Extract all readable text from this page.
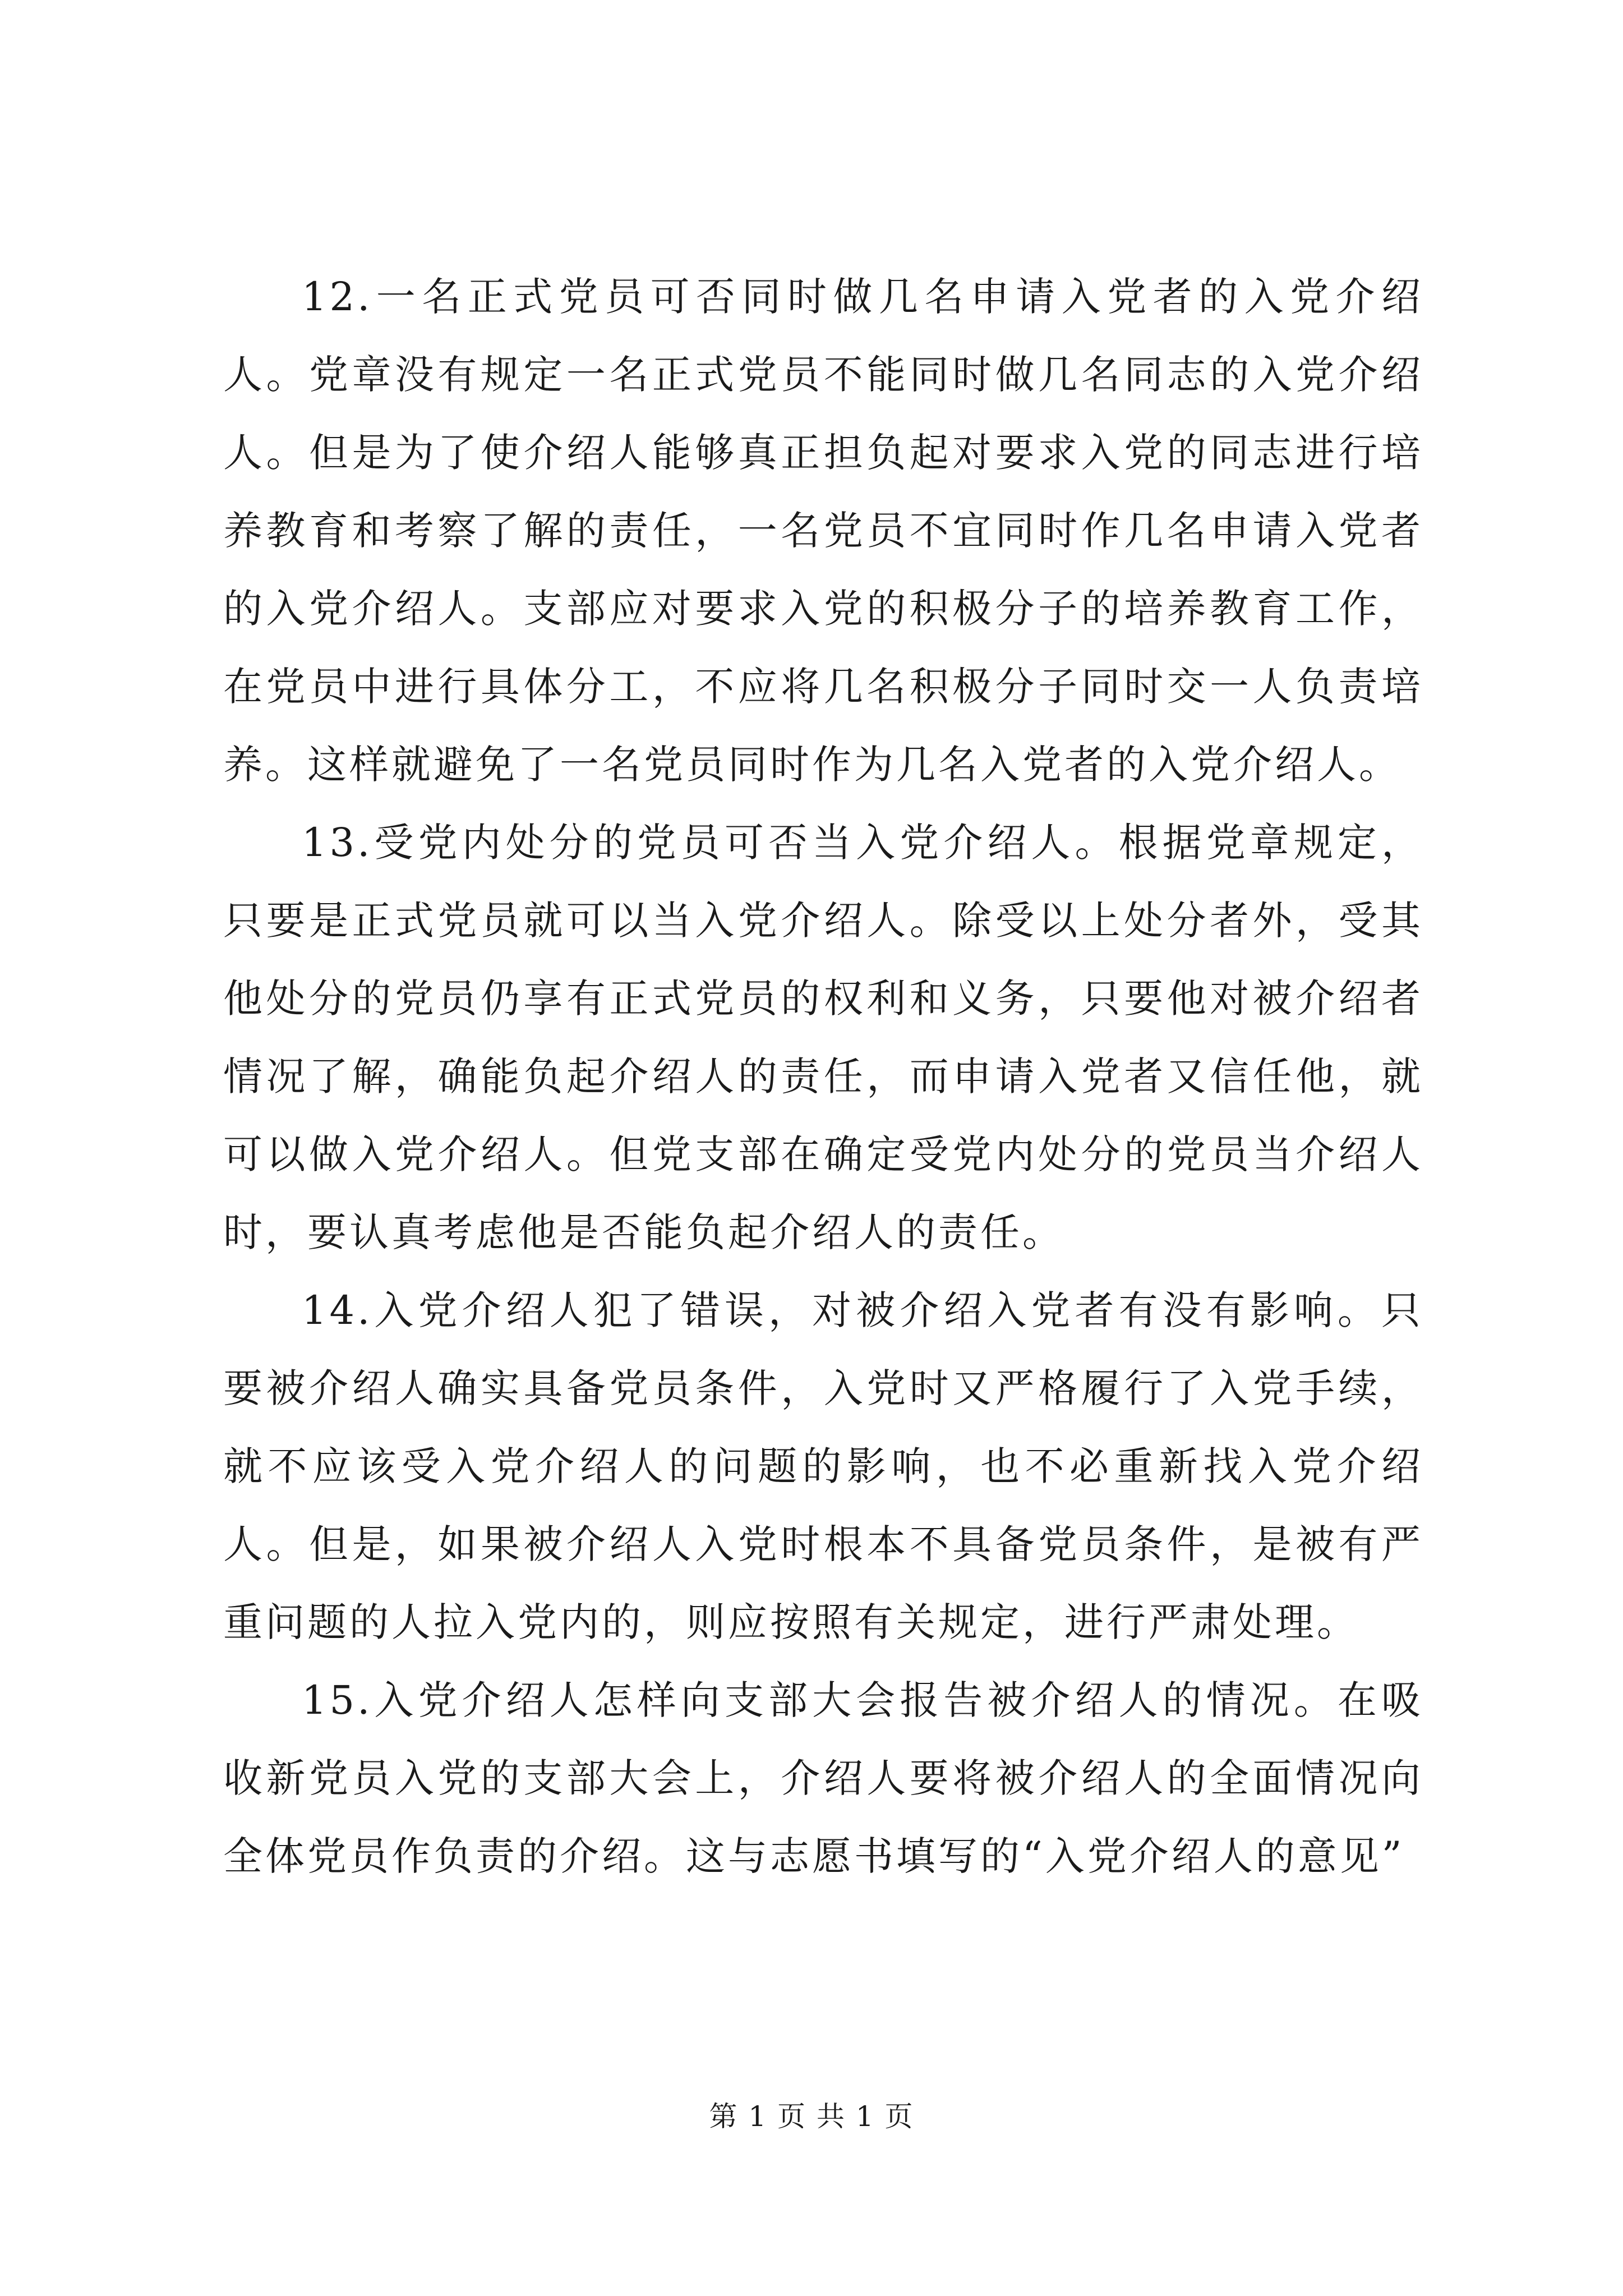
12.一名正式党员可否同时做几名申请入党者的入党介绍人。党章没有规定一名正式党员不能同时做几名同志的入党介绍人。但是为了使介绍人能够真正担负起对要求入党的同志进行培养教育和考察了解的责任，一名党员不宜同时作几名申请入党者的入党介绍人。支部应对要求入党的积极分子的培养教育工作，在党员中进行具体分工，不应将几名积极分子同时交一人负责培养。这样就避免了一名党员同时作为几名入党者的入党介绍人。

13.受党内处分的党员可否当入党介绍人。根据党章规定，只要是正式党员就可以当入党介绍人。除受以上处分者外，受其他处分的党员仍享有正式党员的权利和义务，只要他对被介绍者情况了解，确能负起介绍人的责任，而申请入党者又信任他，就可以做入党介绍人。但党支部在确定受党内处分的党员当介绍人时，要认真考虑他是否能负起介绍人的责任。

14.入党介绍人犯了错误，对被介绍入党者有没有影响。只要被介绍人确实具备党员条件，入党时又严格履行了入党手续，就不应该受入党介绍人的问题的影响，也不必重新找入党介绍人。但是，如果被介绍人入党时根本不具备党员条件，是被有严重问题的人拉入党内的，则应按照有关规定，进行严肃处理。

15.入党介绍人怎样向支部大会报告被介绍人的情况。在吸收新党员入党的支部大会上，介绍人要将被介绍人的全面情况向全体党员作负责的介绍。这与志愿书填写的“入党介绍人的意见”

第 1 页 共 1 页
